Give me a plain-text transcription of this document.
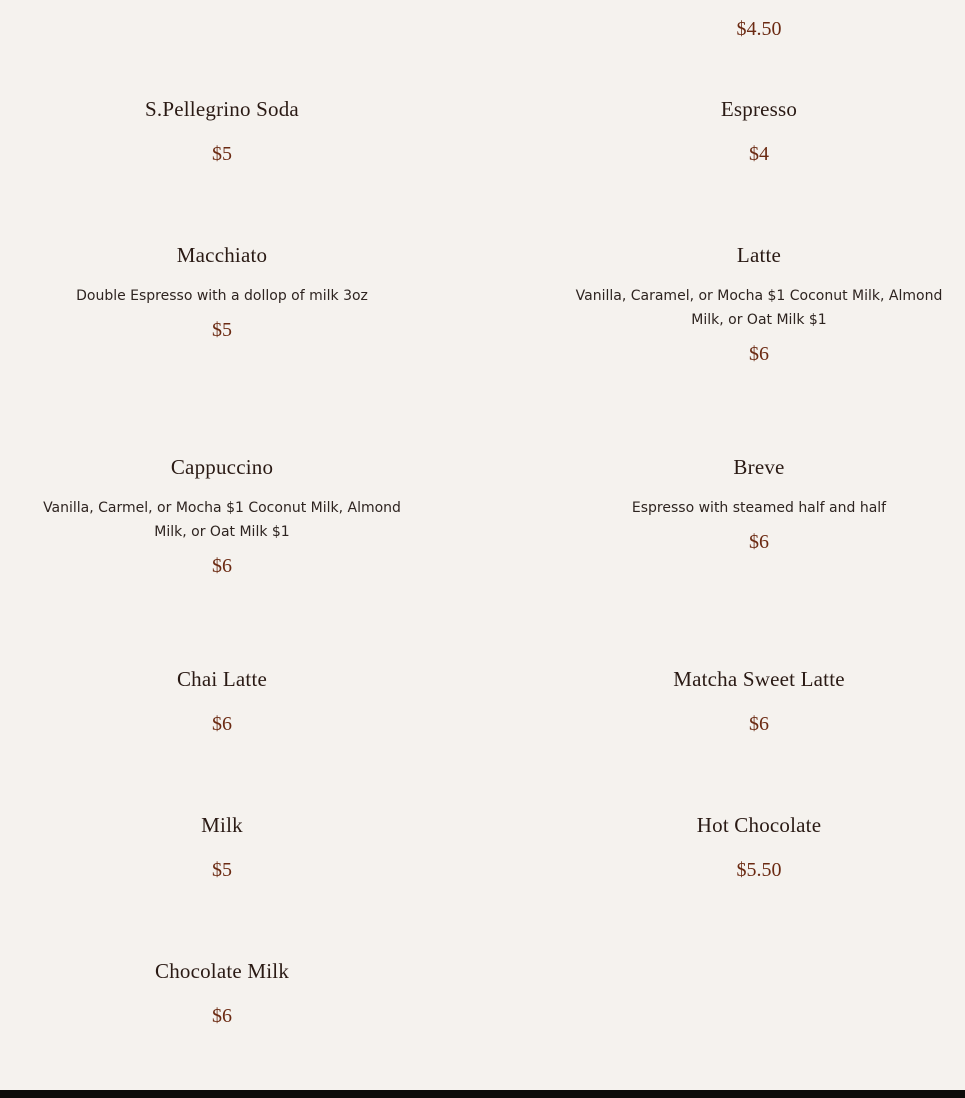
$4.50
S.Pellegrino Soda
$5
Macchiato
Double Espresso with a dollop of milk 3oz
$5
Cappuccino
Vanilla, Carmel, or Mocha $1 Coconut Milk, Almond Milk, or Oat Milk $1
$6
Chai Latte
$6
Milk
$5
Chocolate Milk
$6
Espresso
$4
Latte
Vanilla, Caramel, or Mocha $1 Coconut Milk, Almond Milk, or Oat Milk $1
$6
Breve
Espresso with steamed half and half
$6
Matcha Sweet Latte
$6
Hot Chocolate
$5.50
